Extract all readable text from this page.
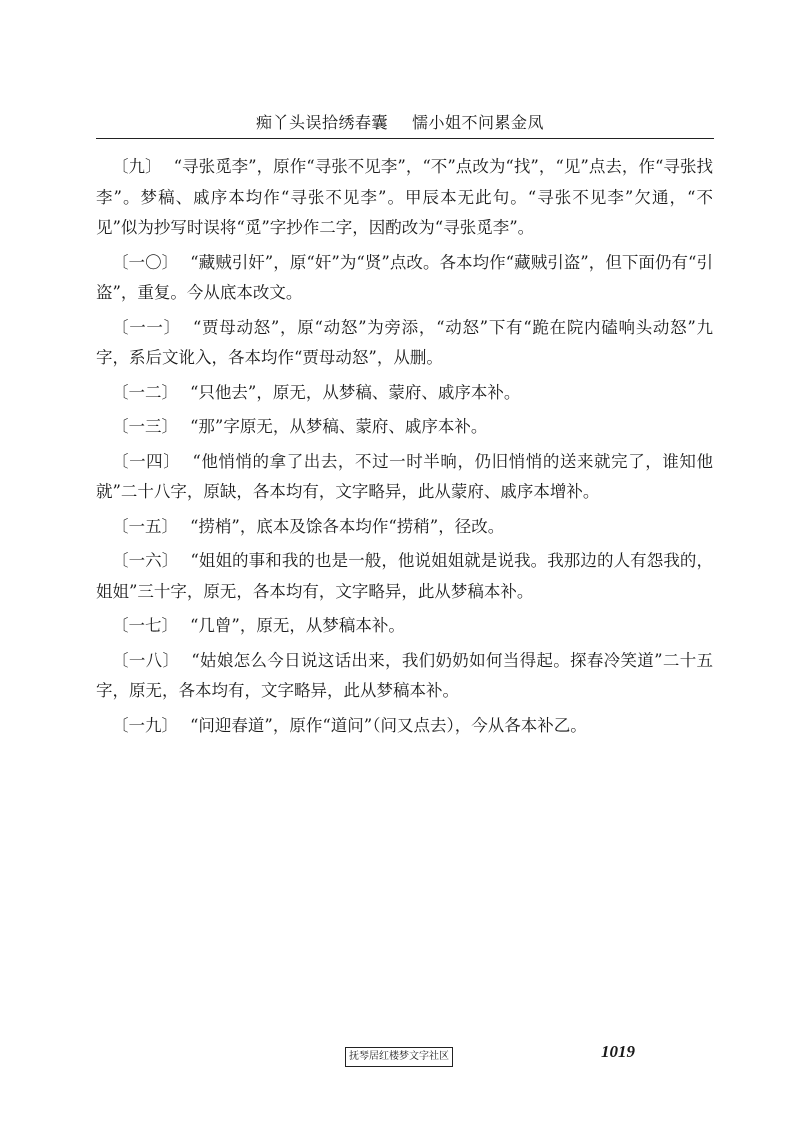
痴丫头误拾绣春囊 懦小姐不问累金凤

〔九〕 “寻张觅李”，原作“寻张不见李”，“不”点改为“找”，“见”点去，作“寻张找李”。梦稿、戚序本均作“寻张不见李”。甲辰本无此句。“寻张不见李”欠通，“不见”似为抄写时误将“觅”字抄作二字，因酌改为“寻张觅李”。

〔一〇〕 “藏贼引奸”，原“奸”为“贤”点改。各本均作“藏贼引盗”，但下面仍有“引盗”，重复。今从底本改文。

〔一一〕 “贾母动怒”，原“动怒”为旁添，“动怒”下有“跪在院内磕响头动怒”九字，系后文讹入，各本均作“贾母动怒”，从删。

〔一二〕 “只他去”，原无，从梦稿、蒙府、戚序本补。

〔一三〕 “那”字原无，从梦稿、蒙府、戚序本补。

〔一四〕 “他悄悄的拿了出去，不过一时半晌，仍旧悄悄的送来就完了，谁知他就”二十八字，原缺，各本均有，文字略异，此从蒙府、戚序本增补。

〔一五〕 “捞梢”，底本及馀各本均作“捞稍”，径改。

〔一六〕 “姐姐的事和我的也是一般，他说姐姐就是说我。我那边的人有怨我的，姐姐”三十字，原无，各本均有，文字略异，此从梦稿本补。

〔一七〕 “几曾”，原无，从梦稿本补。

〔一八〕 “姑娘怎么今日说这话出来，我们奶奶如何当得起。探春冷笑道”二十五字，原无，各本均有，文字略异，此从梦稿本补。

〔一九〕 “问迎春道”，原作“道问”（问又点去），今从各本补乙。

抚琴居红楼梦文字社区	1019
